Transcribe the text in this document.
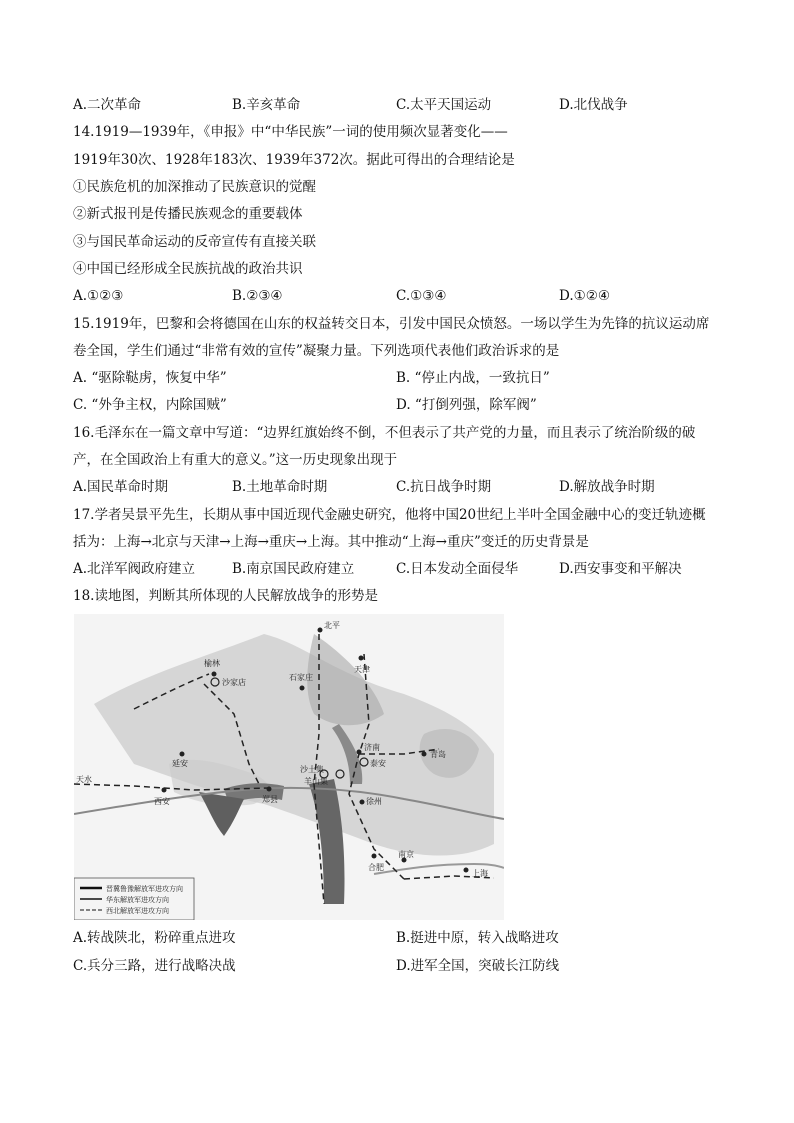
A.二次革命	B.辛亥革命	C.太平天国运动	D.北伐战争
14.1919—1939年，《申报》中“中华民族”一词的使用频次显著变化——
1919年30次、1928年183次、1939年372次。据此可得出的合理结论是
①民族危机的加深推动了民族意识的觉醒
②新式报刊是传播民族观念的重要载体
③与国民革命运动的反帝宣传有直接关联
④中国已经形成全民族抗战的政治共识
A.①②③	B.②③④	C.①③④	D.①②④
15.1919年，巴黎和会将德国在山东的权益转交日本，引发中国民众愤怒。一场以学生为先锋的抗议运动席
卷全国，学生们通过“非常有效的宣传”凝聚力量。下列选项代表他们政治诉求的是
A. “驱除鞑虏，恢复中华”	B. “停止内战，一致抗日”
C. “外争主权，内除国贼”	D. “打倒列强，除军阀”
16.毛泽东在一篇文章中写道：“边界红旗始终不倒，不但表示了共产党的力量，而且表示了统治阶级的破
产，在全国政治上有重大的意义。”这一历史现象出现于
A.国民革命时期	B.土地革命时期	C.抗日战争时期	D.解放战争时期
17.学者吴景平先生，长期从事中国近现代金融史研究，他将中国20世纪上半叶全国金融中心的变迁轨迹概
括为：上海→北京与天津→上海→重庆→上海。其中推动“上海→重庆”变迁的历史背景是
A.北洋军阀政府建立	B.南京国民政府建立	C.日本发动全面侵华	D.西安事变和平解决
18.读地图，判断其所体现的人民解放战争的形势是
北平
天津
榆林
沙家店
石家庄
延安
济南
泰安
青岛
沙土集
羊山集
天水
西安	郑县	徐州
合肥
南京
上海
晋冀鲁豫解放军进攻方向
华东解放军进攻方向
西北解放军进攻方向
A.转战陕北，粉碎重点进攻	B.挺进中原，转入战略进攻
C.兵分三路，进行战略决战	D.进军全国，突破长江防线
